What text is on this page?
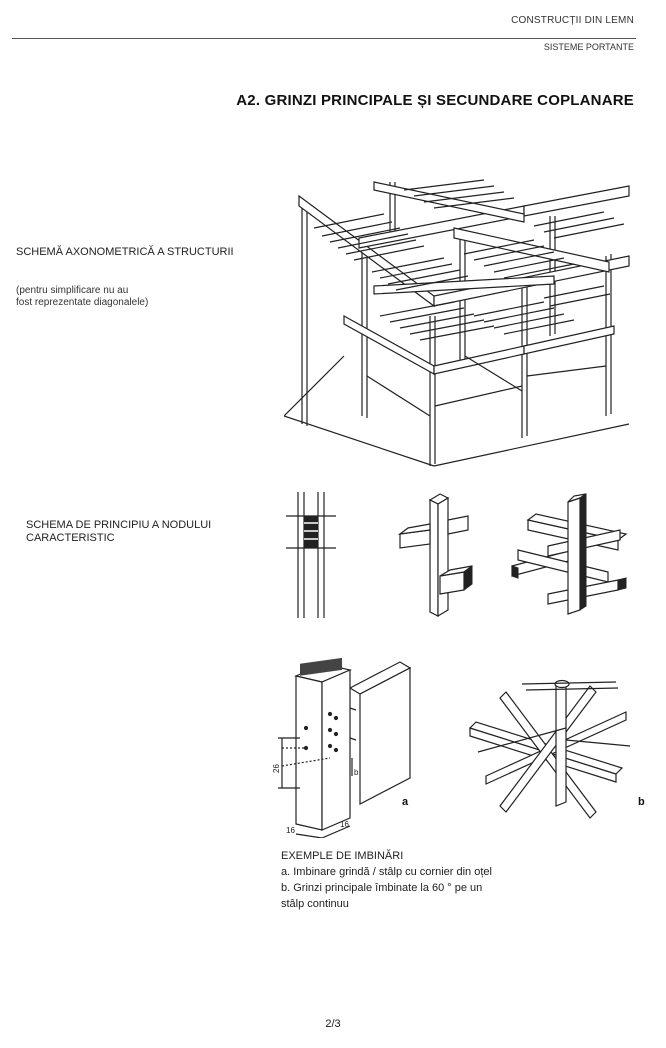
CONSTRUCȚII DIN LEMN
SISTEME PORTANTE
A2. GRINZI PRINCIPALE ȘI SECUNDARE COPLANARE
SCHEMĂ AXONOMETRICĂ A STRUCTURII
(pentru simplificare nu au
fost reprezentate diagonalele)
SCHEMA DE PRINCIPIU A NODULUI
CARACTERISTIC
26	b
16
16
a	b
EXEMPLE DE IMBINĂRI
a. Imbinare grindă / stâlp cu cornier din oțel
b. Grinzi principale îmbinate la 60 ° pe un
stâlp continuu
2/3
